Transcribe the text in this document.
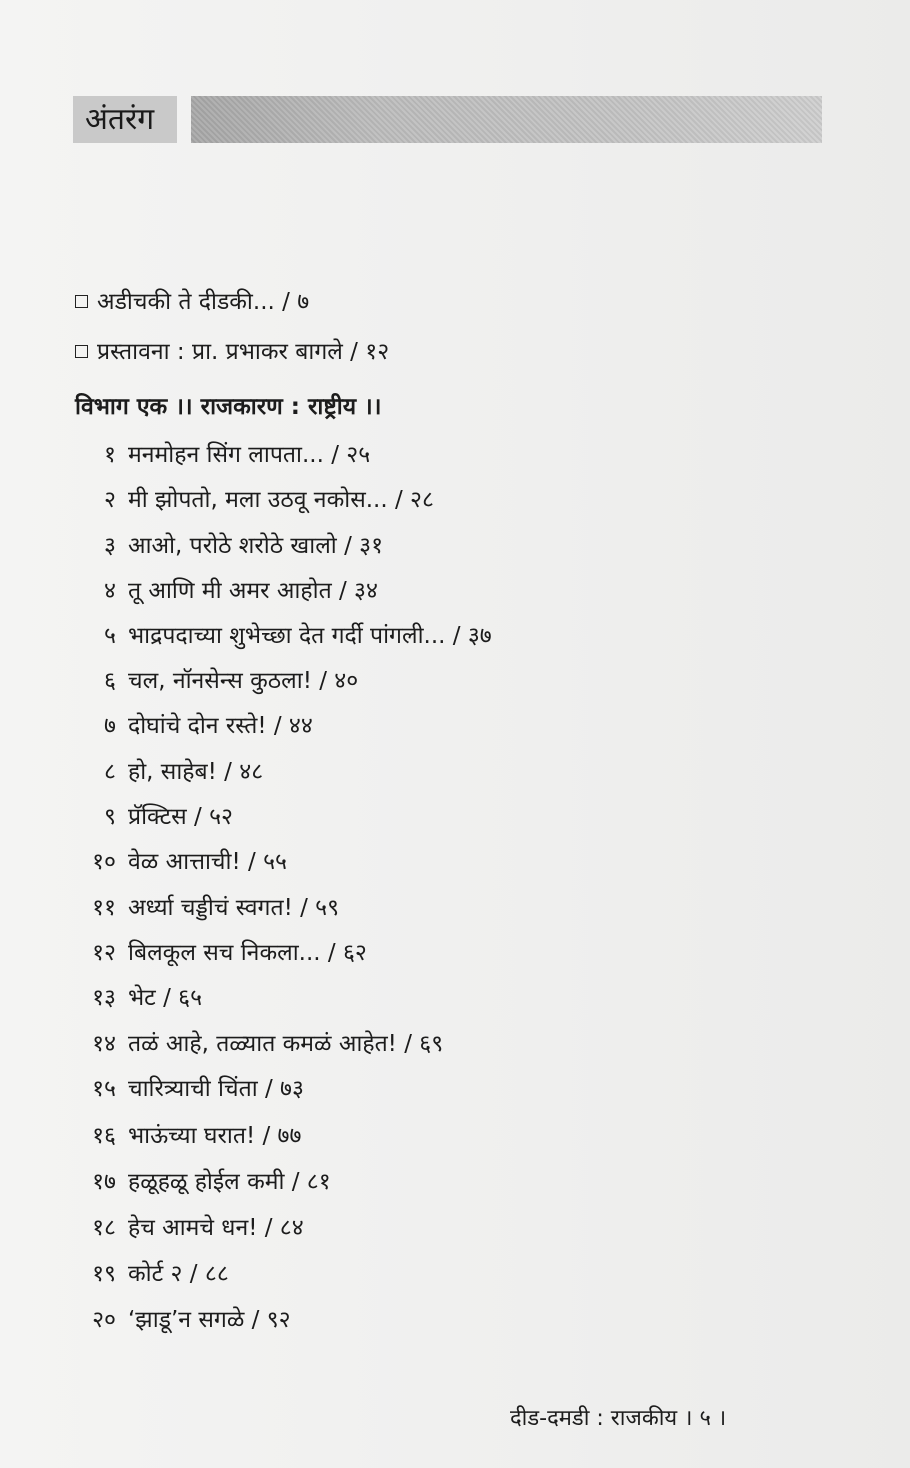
अंतरंग
अडीचकी ते दीडकी... / ७
प्रस्तावना : प्रा. प्रभाकर बागले / १२
विभाग एक ।। राजकारण : राष्ट्रीय ।।
१ मनमोहन सिंग लापता... / २५
२ मी झोपतो, मला उठवू नकोस... / २८
३ आओ, परोठे शरोठे खालो / ३१
४ तू आणि मी अमर आहोत / ३४
५ भाद्रपदाच्या शुभेच्छा देत गर्दी पांगली... / ३७
६ चल, नॉनसेन्स कुठला! / ४०
७ दोघांचे दोन रस्ते! / ४४
८ हो, साहेब! / ४८
९ प्रॅक्टिस / ५२
१० वेळ आत्ताची! / ५५
११ अर्ध्या चड्डीचं स्वगत! / ५९
१२ बिलकूल सच निकला... / ६२
१३ भेट / ६५
१४ तळं आहे, तळ्यात कमळं आहेत! / ६९
१५ चारित्र्याची चिंता / ७३
१६ भाऊंच्या घरात! / ७७
१७ हळूहळू होईल कमी / ८१
१८ हेच आमचे धन! / ८४
१९ कोर्ट २ / ८८
२० ‘झाडू’न सगळे / ९२
दीड-दमडी : राजकीय । ५ ।
